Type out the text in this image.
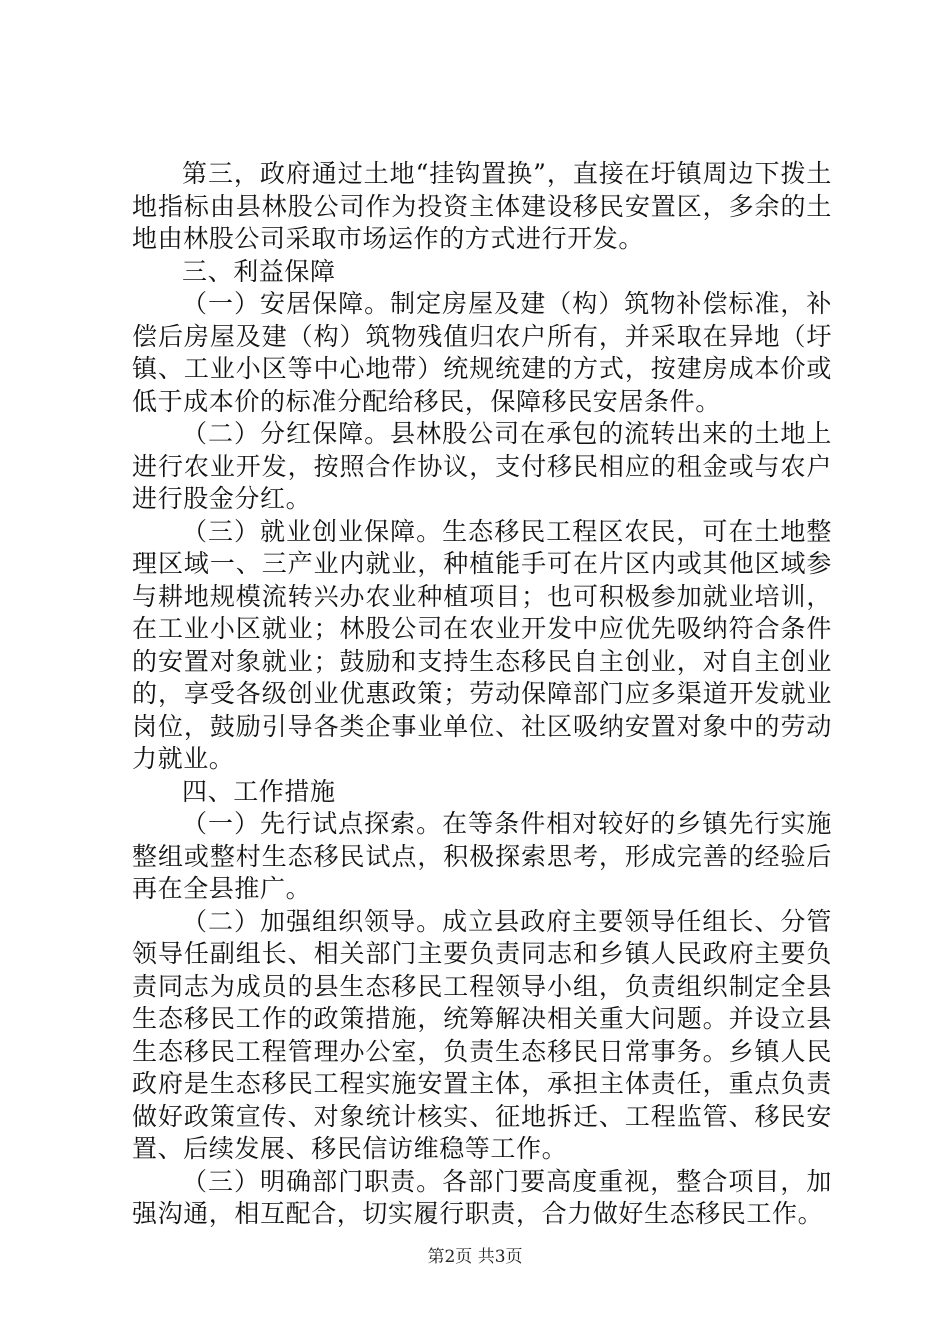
第三，政府通过土地“挂钩置换”，直接在圩镇周边下拨土地指标由县林股公司作为投资主体建设移民安置区，多余的土地由林股公司采取市场运作的方式进行开发。

三、利益保障

（一）安居保障。制定房屋及建（构）筑物补偿标准，补偿后房屋及建（构）筑物残值归农户所有，并采取在异地（圩镇、工业小区等中心地带）统规统建的方式，按建房成本价或低于成本价的标准分配给移民，保障移民安居条件。

（二）分红保障。县林股公司在承包的流转出来的土地上进行农业开发，按照合作协议，支付移民相应的租金或与农户进行股金分红。

（三）就业创业保障。生态移民工程区农民，可在土地整理区域一、三产业内就业，种植能手可在片区内或其他区域参与耕地规模流转兴办农业种植项目；也可积极参加就业培训，在工业小区就业；林股公司在农业开发中应优先吸纳符合条件的安置对象就业；鼓励和支持生态移民自主创业，对自主创业的，享受各级创业优惠政策；劳动保障部门应多渠道开发就业岗位，鼓励引导各类企事业单位、社区吸纳安置对象中的劳动力就业。

四、工作措施

（一）先行试点探索。在等条件相对较好的乡镇先行实施整组或整村生态移民试点，积极探索思考，形成完善的经验后再在全县推广。

（二）加强组织领导。成立县政府主要领导任组长、分管领导任副组长、相关部门主要负责同志和乡镇人民政府主要负责同志为成员的县生态移民工程领导小组，负责组织制定全县生态移民工作的政策措施，统筹解决相关重大问题。并设立县生态移民工程管理办公室，负责生态移民日常事务。乡镇人民政府是生态移民工程实施安置主体，承担主体责任，重点负责做好政策宣传、对象统计核实、征地拆迁、工程监管、移民安置、后续发展、移民信访维稳等工作。

（三）明确部门职责。各部门要高度重视，整合项目，加强沟通，相互配合，切实履行职责，合力做好生态移民工作。

第2页 共3页
